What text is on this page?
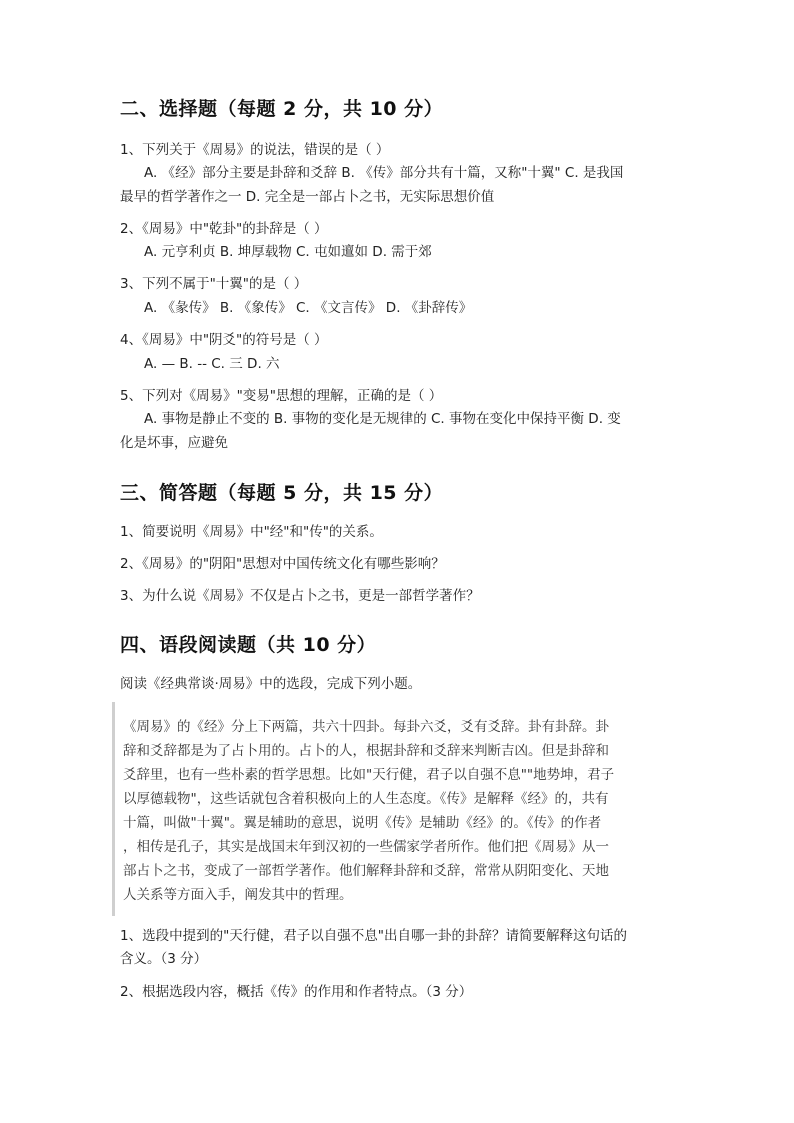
二、选择题（每题 2 分，共 10 分）
1、下列关于《周易》的说法，错误的是（ ）
A. 《经》部分主要是卦辞和爻辞 B. 《传》部分共有十篇，又称"十翼" C. 是我国
最早的哲学著作之一 D. 完全是一部占卜之书，无实际思想价值
2、《周易》中"乾卦"的卦辞是（ ）
A. 元亨利贞 B. 坤厚载物 C. 屯如邅如 D. 需于郊
3、下列不属于"十翼"的是（ ）
A. 《彖传》 B. 《象传》 C. 《文言传》 D. 《卦辞传》
4、《周易》中"阴爻"的符号是（ ）
A. — B. -- C. 三 D. 六
5、下列对《周易》"变易"思想的理解，正确的是（ ）
A. 事物是静止不变的 B. 事物的变化是无规律的 C. 事物在变化中保持平衡 D. 变
化是坏事，应避免
三、简答题（每题 5 分，共 15 分）
1、简要说明《周易》中"经"和"传"的关系。
2、《周易》的"阴阳"思想对中国传统文化有哪些影响？
3、为什么说《周易》不仅是占卜之书，更是一部哲学著作？
四、语段阅读题（共 10 分）
阅读《经典常谈·周易》中的选段，完成下列小题。
《周易》的《经》分上下两篇，共六十四卦。每卦六爻，爻有爻辞。卦有卦辞。卦
辞和爻辞都是为了占卜用的。占卜的人，根据卦辞和爻辞来判断吉凶。但是卦辞和
爻辞里，也有一些朴素的哲学思想。比如"天行健，君子以自强不息""地势坤，君子
以厚德载物"，这些话就包含着积极向上的人生态度。《传》是解释《经》的，共有
十篇，叫做"十翼"。翼是辅助的意思，说明《传》是辅助《经》的。《传》的作者
，相传是孔子，其实是战国末年到汉初的一些儒家学者所作。他们把《周易》从一
部占卜之书，变成了一部哲学著作。他们解释卦辞和爻辞，常常从阴阳变化、天地
人关系等方面入手，阐发其中的哲理。
1、选段中提到的"天行健，君子以自强不息"出自哪一卦的卦辞？请简要解释这句话的
含义。（3 分）
2、根据选段内容，概括《传》的作用和作者特点。（3 分）
